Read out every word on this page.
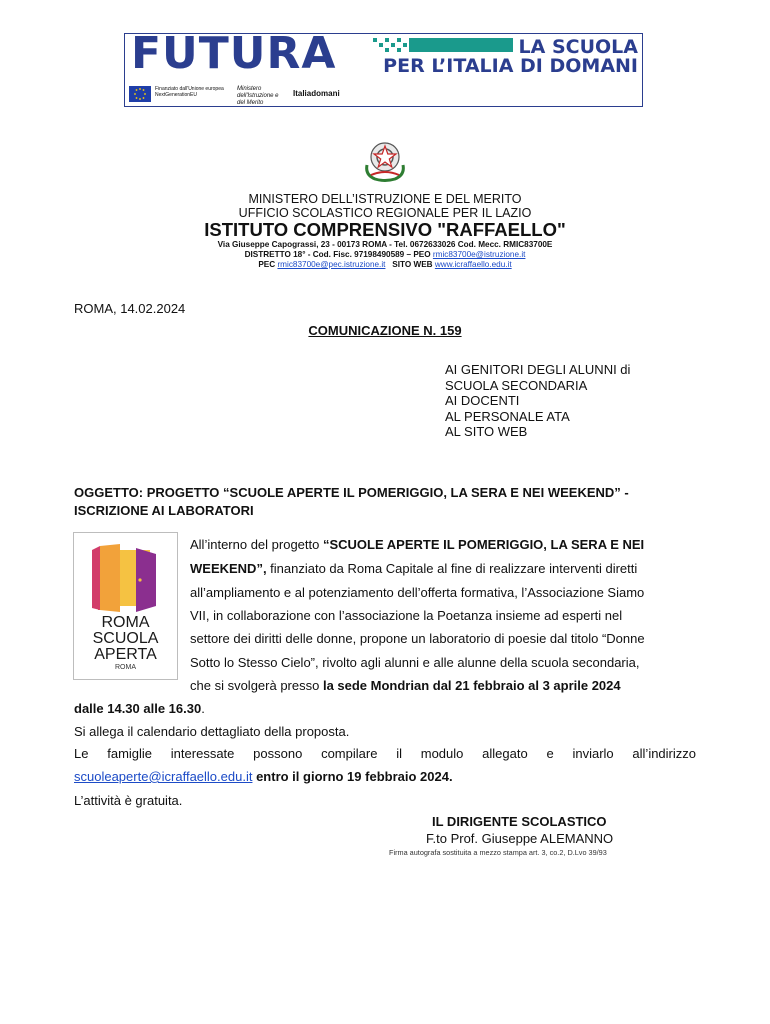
FUTURA	LA SCUOLA
PER L’ITALIA DI DOMANI
Finanziato dall'Unione europea NextGenerationEU
Ministero dell'Istruzione e del Merito
Italiadomani
MINISTERO DELL’ISTRUZIONE E DEL MERITO
UFFICIO SCOLASTICO REGIONALE PER IL LAZIO
ISTITUTO COMPRENSIVO "RAFFAELLO"
Via Giuseppe Capograssi, 23 - 00173 ROMA - Tel. 0672633026 Cod. Mecc. RMIC83700E
DISTRETTO 18° - Cod. Fisc. 97198490589 – PEO rmic83700e@istruzione.it
PEC rmic83700e@pec.istruzione.it SITO WEB www.icraffaello.edu.it
ROMA, 14.02.2024
COMUNICAZIONE N. 159
AI GENITORI DEGLI ALUNNI di
SCUOLA SECONDARIA
AI DOCENTI
AL PERSONALE ATA
AL SITO WEB
OGGETTO: PROGETTO “SCUOLE APERTE IL POMERIGGIO, LA SERA E NEI WEEKEND” -
ISCRIZIONE AI LABORATORI
ROMA
SCUOLA
APERTA
ROMA
All’interno del progetto “SCUOLE APERTE IL POMERIGGIO, LA SERA E NEI
WEEKEND”, finanziato da Roma Capitale al fine di realizzare interventi diretti
all’ampliamento e al potenziamento dell’offerta formativa, l’Associazione Siamo
VII, in collaborazione con l’associazione la Poetanza insieme ad esperti nel
settore dei diritti delle donne, propone un laboratorio di poesie dal titolo “Donne
Sotto lo Stesso Cielo”, rivolto agli alunni e alle alunne della scuola secondaria,
che si svolgerà presso la sede Mondrian dal 21 febbraio al 3 aprile 2024
dalle 14.30 alle 16.30.
Si allega il calendario dettagliato della proposta.
Le famiglie interessate possono compilare il modulo allegato e inviarlo all’indirizzo
scuoleaperte@icraffaello.edu.it entro il giorno 19 febbraio 2024.
L’attività è gratuita.
IL DIRIGENTE SCOLASTICO
F.to Prof. Giuseppe ALEMANNO
Firma autografa sostituita a mezzo stampa art. 3, co.2, D.Lvo 39/93
